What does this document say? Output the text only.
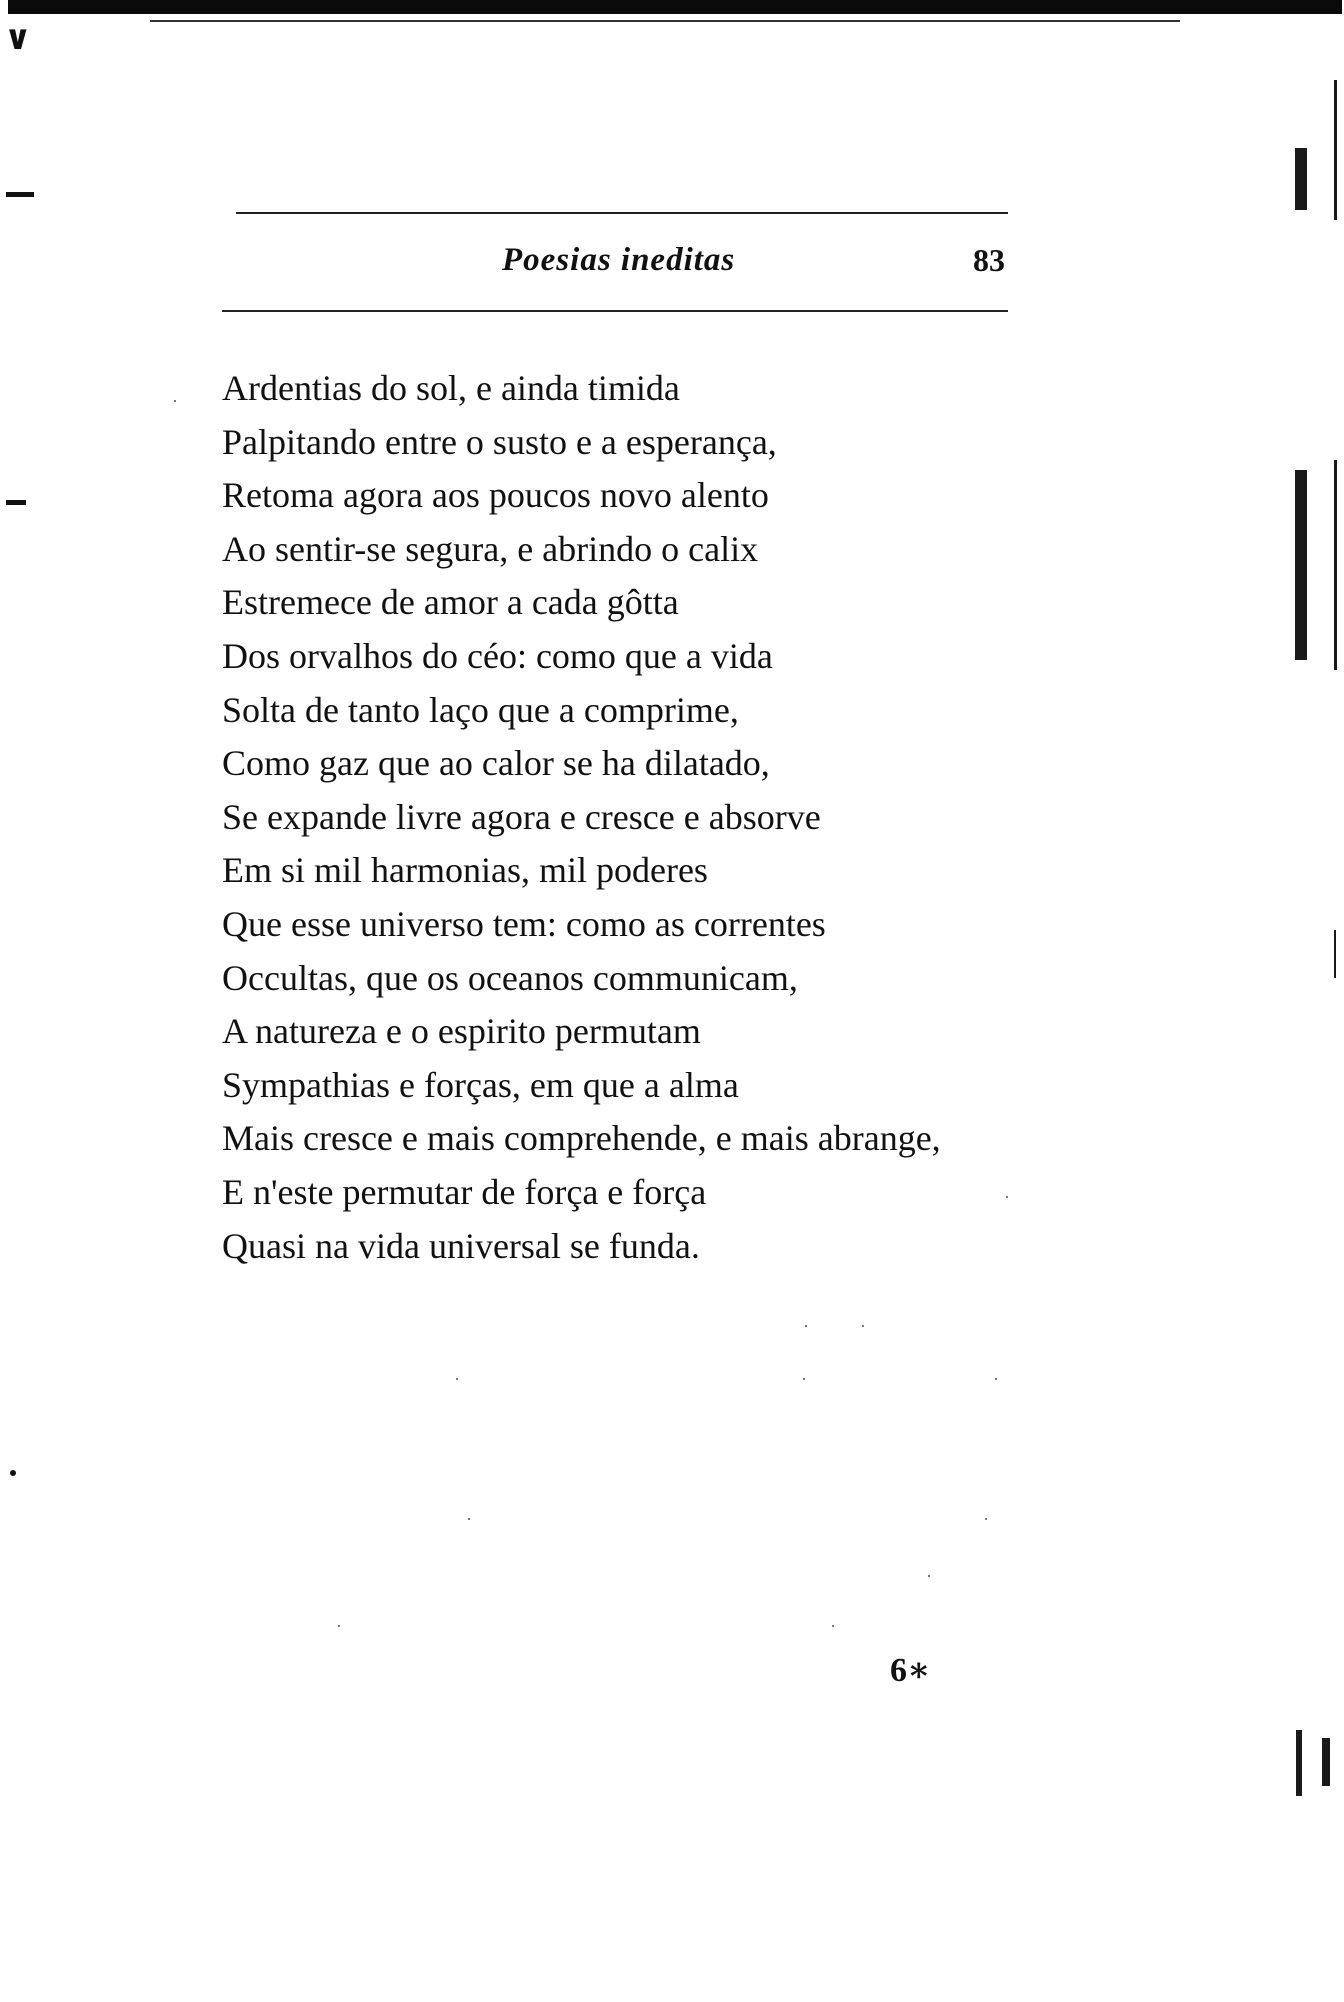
∨
Poesias ineditas	83
Ardentias do sol, e ainda timida
Palpitando entre o susto e a esperança,
Retoma agora aos poucos novo alento
Ao sentir-se segura, e abrindo o calix
Estremece de amor a cada gôtta
Dos orvalhos do céo: como que a vida
Solta de tanto laço que a comprime,
Como gaz que ao calor se ha dilatado,
Se expande livre agora e cresce e absorve
Em si mil harmonias, mil poderes
Que esse universo tem: como as correntes
Occultas, que os oceanos communicam,
A natureza e o espirito permutam
Sympathias e forças, em que a alma
Mais cresce e mais comprehende, e mais abrange,
E n'este permutar de força e força
Quasi na vida universal se funda.
6∗
